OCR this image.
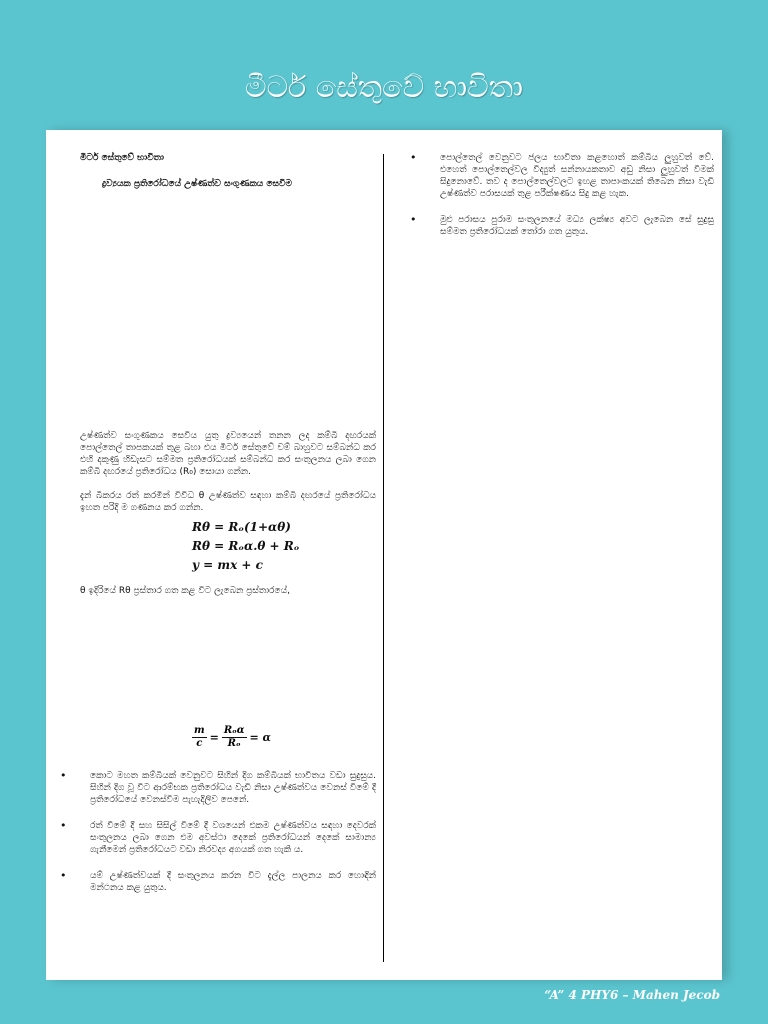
මීටර් සේතුවේ භාවිතා

මීටර් සේතුවේ භාවිතා

ද්‍රව්‍යයක ප්‍රතිරෝධයේ උෂ්ණත්ව සංගුණකය සෙවීම

උෂ්ණත්ව සංගුණකය සෙවිය යුතු ද්‍රව්‍යයෙන් තනන ලද කම්බි දඟරයක් පොල්තෙල් තාපකයක් තුළ බහා එය මීටර් සේතුවේ චම් බාහුවට සම්බන්ධ කර එහි දකුණු හිඩැසට සම්මත ප්‍රතිරෝධයක් සම්බන්ධ කර සංතුලනය ලබා ගෙන කම්බි දඟරයේ ප්‍රතිරෝධය (R₀) සොයා ගන්න.

දැන් බීකරය රත් කරමින් විවිධ θ උෂ්ණත්ව සඳහා කම්බි දඟරයේ ප්‍රතිරෝධය ඉහත පරිදි ම ගණනය කර ගන්න.

Rθ = Rₒ(1+αθ)
Rθ = Rₒα.θ + Rₒ
y = mx + c

θ ඉදිරියේ Rθ ප්‍රස්තාර ගත කළ විට ලැබෙන ප්‍රස්තාරයේ,

$\frac{m}{c} = \frac{\text{Rₒα}}{\text{Rₒ}} = \alpha$
• කොට මහත කම්බියක් වෙනුවට සිහින් දිග කම්බියක් භාවිතය වඩා සුදුසුය. සිහින් දිග වූ විට ආරම්භක ප්‍රතිරෝධය වැඩි නිසා උෂ්ණත්වය වෙනස් වීමේ දී ප්‍රතිරෝධයේ වෙනස්වීම පැහැදිලිව පෙනේ.
• රත් වීමේ දී සහ සිසිල් වීමේ දී වශයෙන් එකම උෂ්ණත්වය සඳහා දෙවරක් සංතුලනය ලබා ගෙන එම අවස්ථා දෙකේ ප්‍රතිරෝධයන් දෙකේ සාමාන්‍ය ගැනීමෙන් ප්‍රතිරෝධයට වඩා නිරවද්‍ය අගයක් ගත හැකි ය.
• යම් උෂ්ණත්වයක් දී සංතුලනය කරන විට දැල්ල පාලනය කර හොඳින් මන්ථනය කළ යුතුය.
• පොල්තෙල් වෙනුවට ජලය භාවිතා කළහොත් කම්බිය ලුහුවත් වේ. එහෙත් පොල්තෙල්වල විද්‍යුත් සන්නායකතාව අඩු නිසා ලුහුවත් වීමක් සිදුනොවේ. තව ද පොල්තෙල්වලට ඉහළ තාපාංකයක් තිබෙන නිසා වැඩි උෂ්ණත්ව පරාසයක් තුළ පරීක්ෂණය සිදු කළ හැක.
• මුළු පරාසය පුරාම සංතුලනයේ මධ්‍ය ලක්ෂ්‍ය අවට ලැබෙන සේ සුදුසු සම්මත ප්‍රතිරෝධයක් තෝරා ගත යුතුය.
“A” 4 PHY6 – Mahen Jecob
